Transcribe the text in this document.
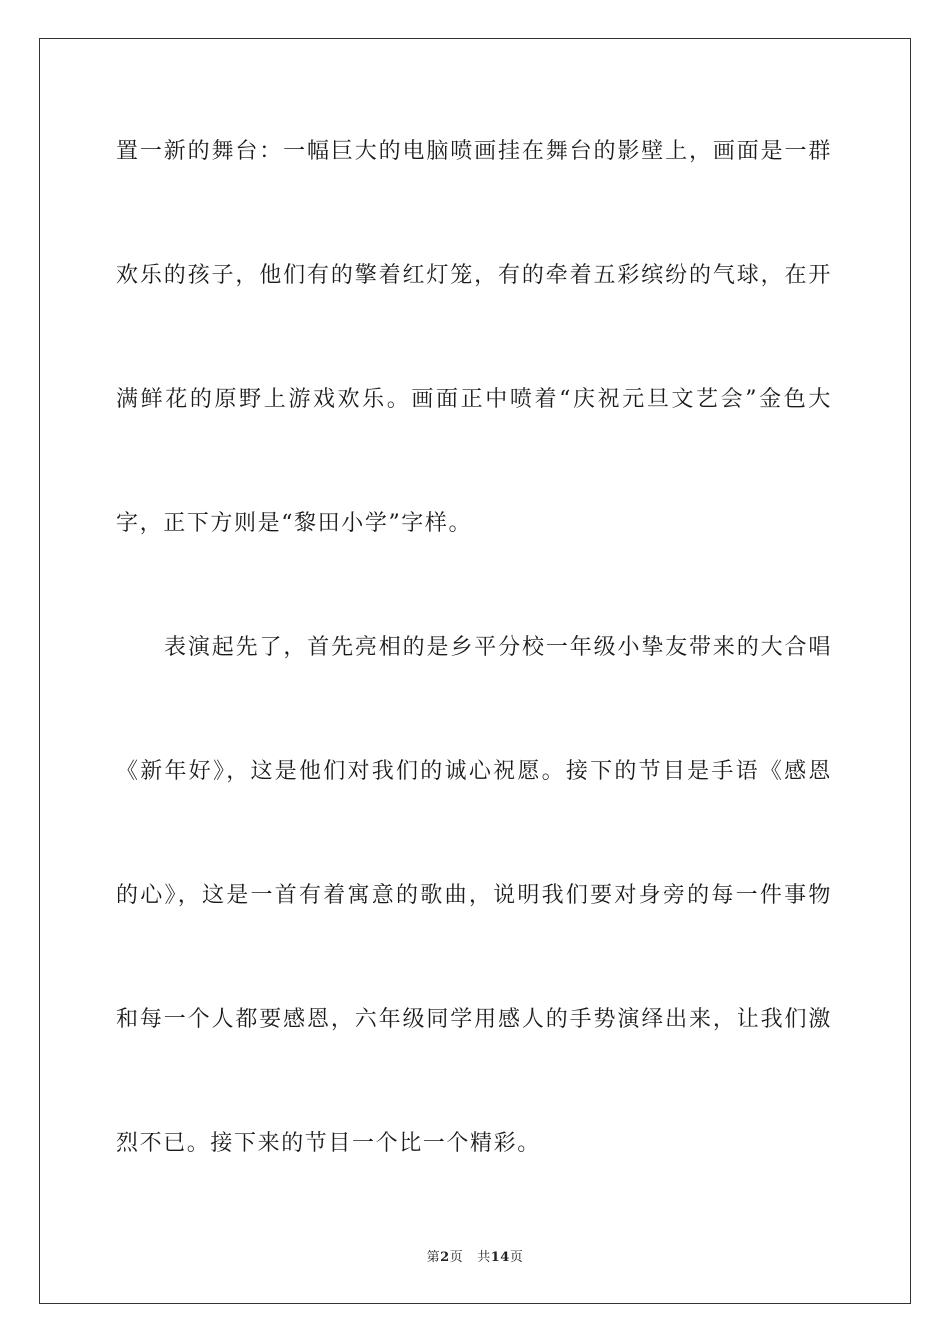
置一新的舞台：一幅巨大的电脑喷画挂在舞台的影壁上，画面是一群
欢乐的孩子，他们有的擎着红灯笼，有的牵着五彩缤纷的气球，在开
满鲜花的原野上游戏欢乐。画面正中喷着“庆祝元旦文艺会”金色大
字，正下方则是“黎田小学”字样。
表演起先了，首先亮相的是乡平分校一年级小挚友带来的大合唱
《新年好》，这是他们对我们的诚心祝愿。接下的节目是手语《感恩
的心》，这是一首有着寓意的歌曲，说明我们要对身旁的每一件事物
和每一个人都要感恩，六年级同学用感人的手势演绎出来，让我们激
烈不已。接下来的节目一个比一个精彩。
第2页 共14页
